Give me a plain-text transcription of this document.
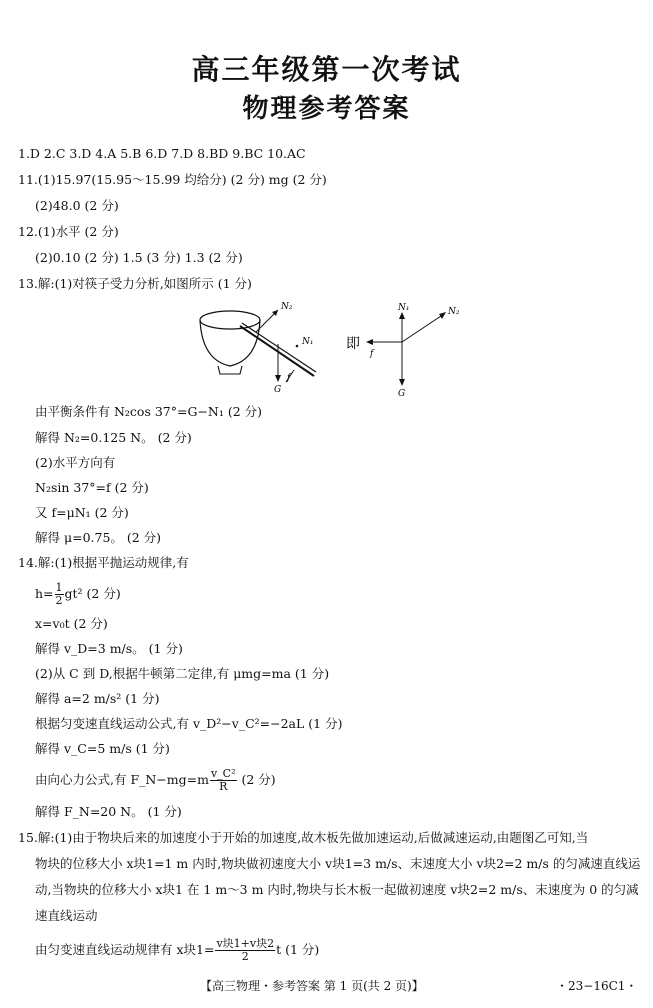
高三年级第一次考试
物理参考答案
1.D 2.C 3.D 4.A 5.B 6.D 7.D 8.BD 9.BC 10.AC
11.(1)15.97(15.95～15.99 均给分) (2 分) mg (2 分)
(2)48.0 (2 分)
12.(1)水平 (2 分)
(2)0.10 (2 分) 1.5 (3 分) 1.3 (2 分)
13.解:(1)对筷子受力分析,如图所示 (1 分)
N₂
N₁
G
f
即
N₁	N₂
f
G
由平衡条件有 N₂cos 37°=G−N₁ (2 分)
解得 N₂=0.125 N。 (2 分)
(2)水平方向有
N₂sin 37°=f (2 分)
又 f=μN₁ (2 分)
解得 μ=0.75。 (2 分)
14.解:(1)根据平抛运动规律,有
$h= \frac{1}{2} gt^2$ (2 分)
x=v₀t (2 分)
解得 v_D=3 m/s。 (1 分)
(2)从 C 到 D,根据牛顿第二定律,有 μmg=ma (1 分)
解得 a=2 m/s² (1 分)
根据匀变速直线运动公式,有 v_D²−v_C²=−2aL (1 分)
解得 v_C=5 m/s (1 分)
由向心力公式,有 F_N−mg=m $\frac{\text{v\_C²}}{R} (2$ 分)
解得 F_N=20 N。 (1 分)
15.解:(1)由于物块后来的加速度小于开始的加速度,故木板先做加速运动,后做减速运动,由题图乙可知,当
物块的位移大小 x块1=1 m 内时,物块做初速度大小 v块1=3 m/s、末速度大小 v块2=2 m/s 的匀减速直线运
动,当物块的位移大小 x块1 在 1 m～3 m 内时,物块与长木板一起做初速度 v块2=2 m/s、末速度为 0 的匀减
速直线运动
由匀变速直线运动规律有 x块$1= \frac{\text{v块1+v块2}}{2}$ t (1 分)
【高三物理・参考答案 第 1 页(共 2 页)】	・23−16C1・
